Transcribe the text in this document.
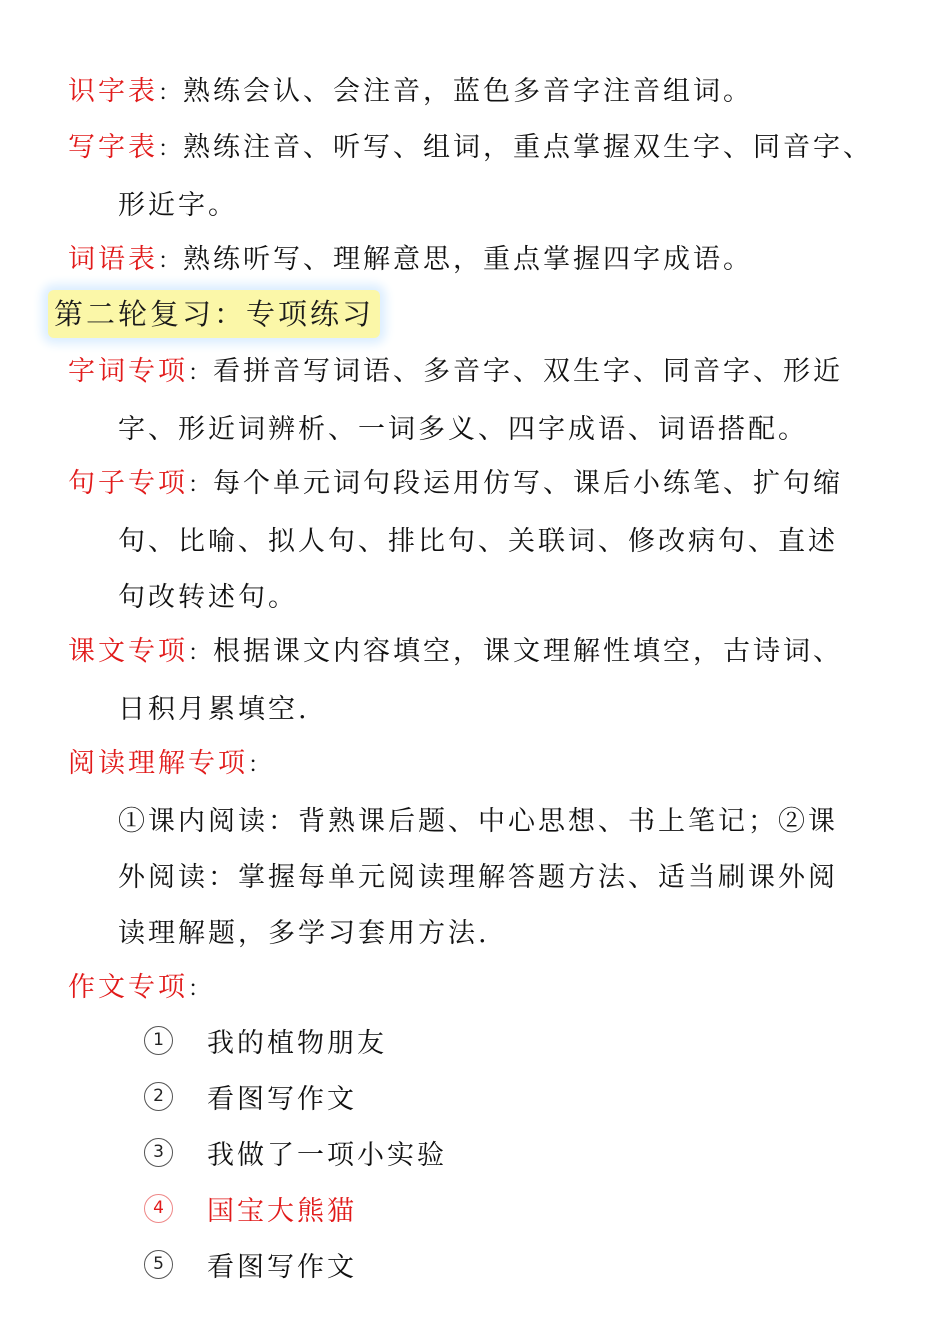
识字表：熟练会认、会注音，蓝色多音字注音组词。
写字表：熟练注音、听写、组词，重点掌握双生字、同音字、
形近字。
词语表：熟练听写、理解意思，重点掌握四字成语。
第二轮复习：专项练习
字词专项：看拼音写词语、多音字、双生字、同音字、形近
字、形近词辨析、一词多义、四字成语、词语搭配。
句子专项：每个单元词句段运用仿写、课后小练笔、扩句缩
句、比喻、拟人句、排比句、关联词、修改病句、直述
句改转述句。
课文专项：根据课文内容填空，课文理解性填空，古诗词、
日积月累填空.
阅读理解专项：
①课内阅读：背熟课后题、中心思想、书上笔记；②课
外阅读：掌握每单元阅读理解答题方法、适当刷课外阅
读理解题，多学习套用方法.
作文专项：
1	我的植物朋友
2	看图写作文
3	我做了一项小实验
4	国宝大熊猫
5	看图写作文
